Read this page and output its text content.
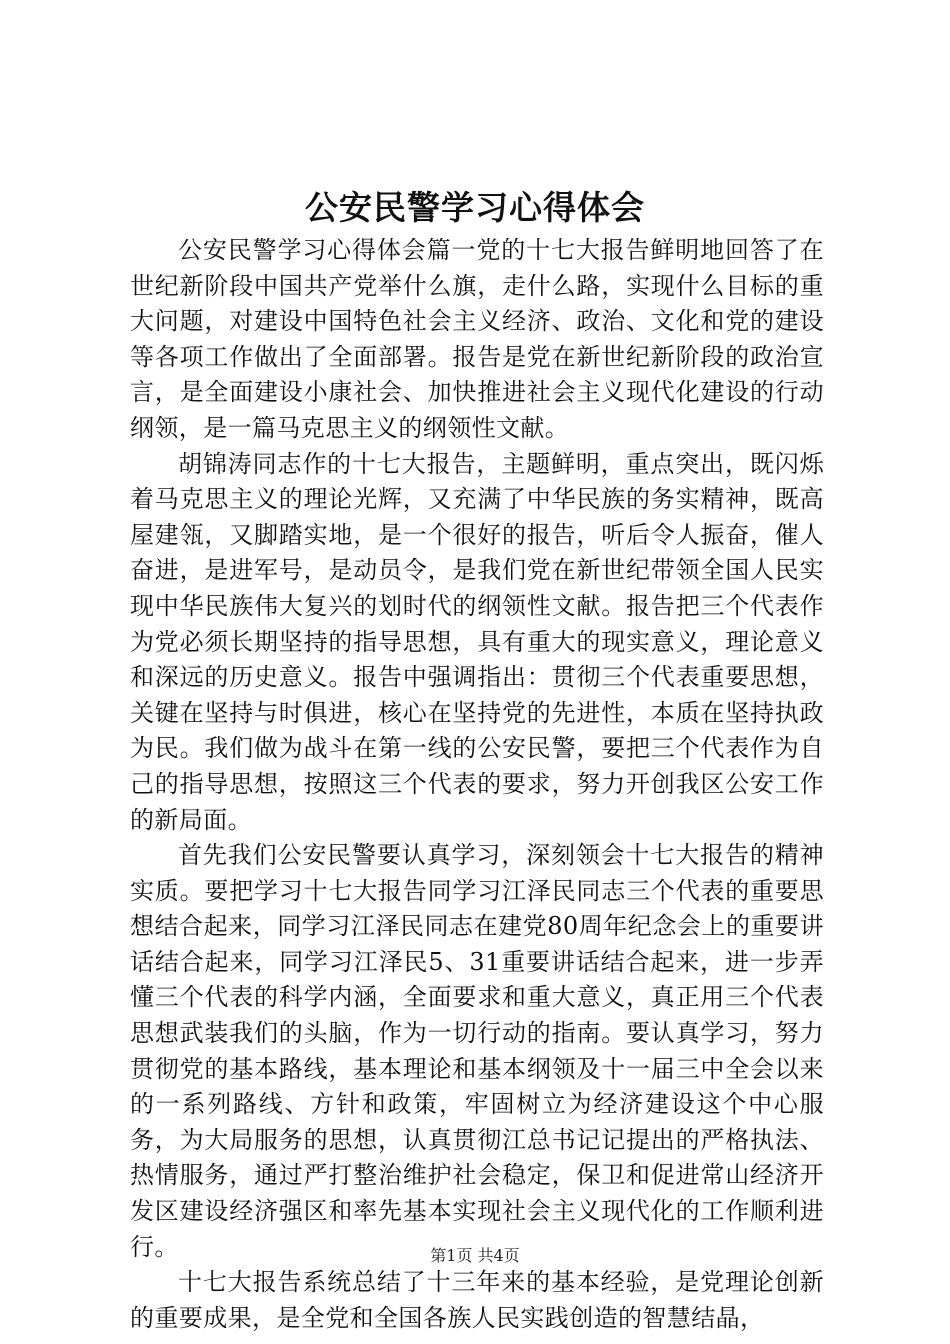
公安民警学习心得体会

公安民警学习心得体会篇一党的十七大报告鲜明地回答了在世纪新阶段中国共产党举什么旗，走什么路，实现什么目标的重大问题，对建设中国特色社会主义经济、政治、文化和党的建设等各项工作做出了全面部署。报告是党在新世纪新阶段的政治宣言，是全面建设小康社会、加快推进社会主义现代化建设的行动纲领，是一篇马克思主义的纲领性文献。

胡锦涛同志作的十七大报告，主题鲜明，重点突出，既闪烁着马克思主义的理论光辉，又充满了中华民族的务实精神，既高屋建瓴，又脚踏实地，是一个很好的报告，听后令人振奋，催人奋进，是进军号，是动员令，是我们党在新世纪带领全国人民实现中华民族伟大复兴的划时代的纲领性文献。报告把三个代表作为党必须长期坚持的指导思想，具有重大的现实意义，理论意义和深远的历史意义。报告中强调指出：贯彻三个代表重要思想，关键在坚持与时俱进，核心在坚持党的先进性，本质在坚持执政为民。我们做为战斗在第一线的公安民警，要把三个代表作为自己的指导思想，按照这三个代表的要求，努力开创我区公安工作的新局面。

首先我们公安民警要认真学习，深刻领会十七大报告的精神实质。要把学习十七大报告同学习江泽民同志三个代表的重要思想结合起来，同学习江泽民同志在建党80周年纪念会上的重要讲话结合起来，同学习江泽民5、31重要讲话结合起来，进一步弄懂三个代表的科学内涵，全面要求和重大意义，真正用三个代表思想武装我们的头脑，作为一切行动的指南。要认真学习，努力贯彻党的基本路线，基本理论和基本纲领及十一届三中全会以来的一系列路线、方针和政策，牢固树立为经济建设这个中心服务，为大局服务的思想，认真贯彻江总书记记提出的严格执法、热情服务，通过严打整治维护社会稳定，保卫和促进常山经济开发区建设经济强区和率先基本实现社会主义现代化的工作顺利进行。

十七大报告系统总结了十三年来的基本经验，是党理论创新的重要成果，是全党和全国各族人民实践创造的智慧结晶，

第1页 共4页
